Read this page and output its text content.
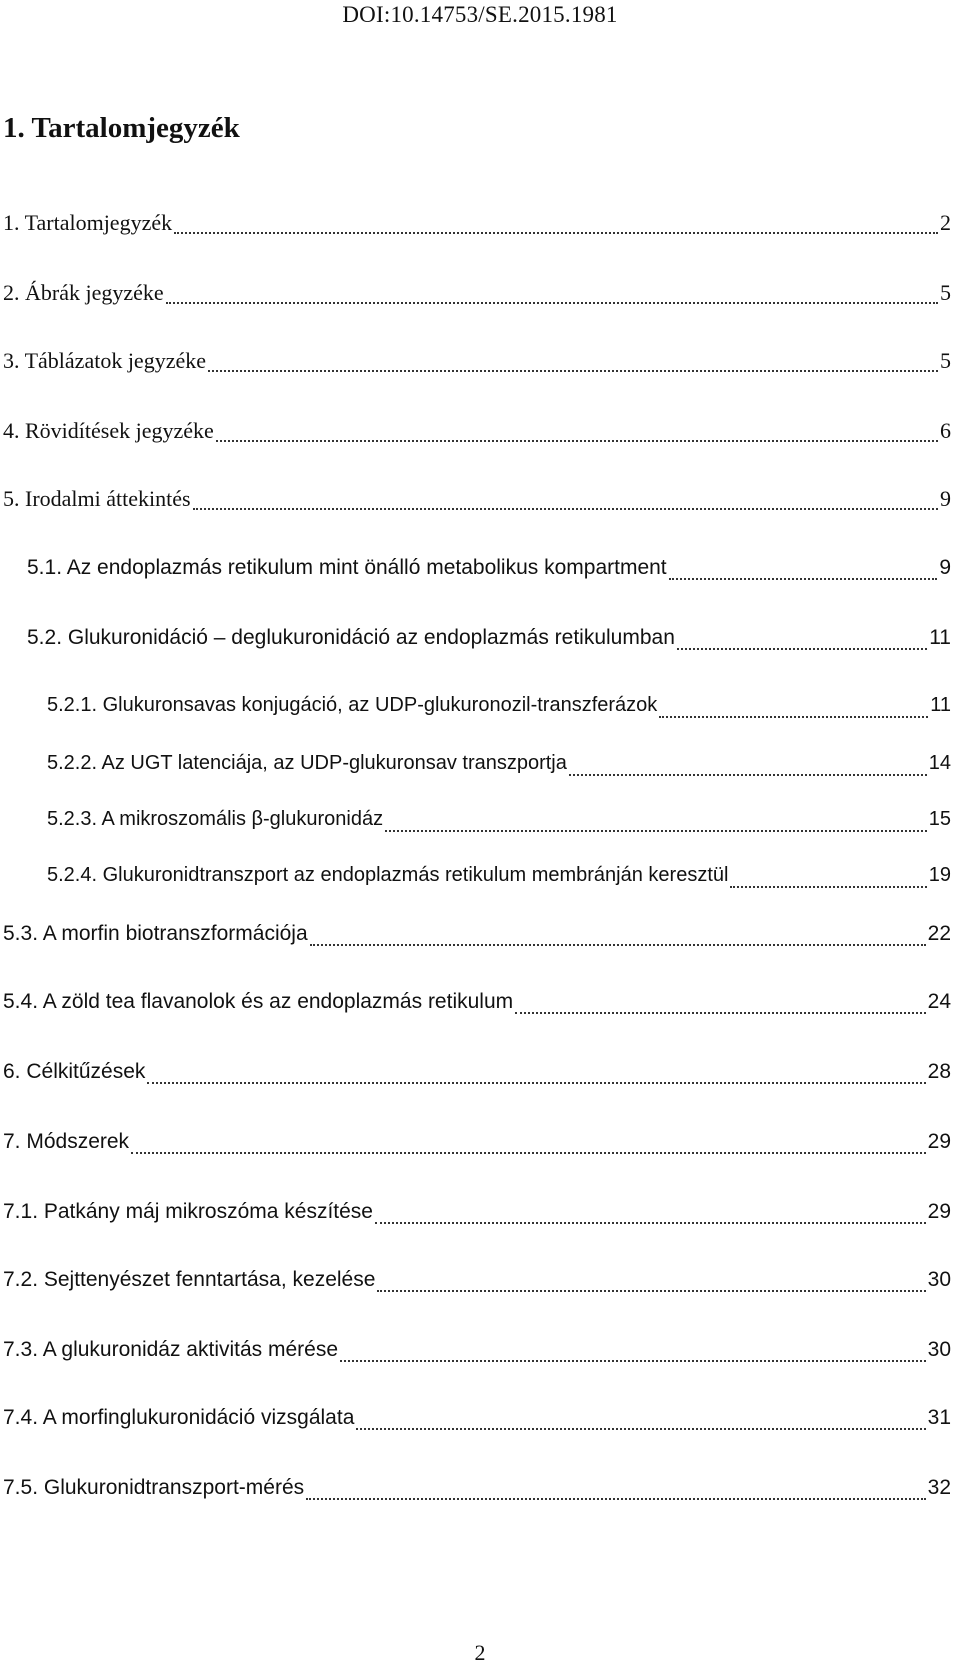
DOI:10.14753/SE.2015.1981
1. Tartalomjegyzék
1. Tartalomjegyzék	2
2. Ábrák jegyzéke	5
3. Táblázatok jegyzéke	5
4. Rövidítések jegyzéke	6
5. Irodalmi áttekintés	9
5.1. Az endoplazmás retikulum mint önálló metabolikus kompartment	9
5.2. Glukuronidáció – deglukuronidáció az endoplazmás retikulumban	11
5.2.1. Glukuronsavas konjugáció, az UDP-glukuronozil-transzferázok	11
5.2.2. Az UGT latenciája, az UDP-glukuronsav transzportja	14
5.2.3. A mikroszomális β-glukuronidáz	15
5.2.4. Glukuronidtranszport az endoplazmás retikulum membránján keresztül	19
5.3. A morfin biotranszformációja	22
5.4. A zöld tea flavanolok és az endoplazmás retikulum	24
6. Célkitűzések	28
7. Módszerek	29
7.1. Patkány máj mikroszóma készítése	29
7.2. Sejttenyészet fenntartása, kezelése	30
7.3. A glukuronidáz aktivitás mérése	30
7.4. A morfinglukuronidáció vizsgálata	31
7.5. Glukuronidtranszport-mérés	32
2
